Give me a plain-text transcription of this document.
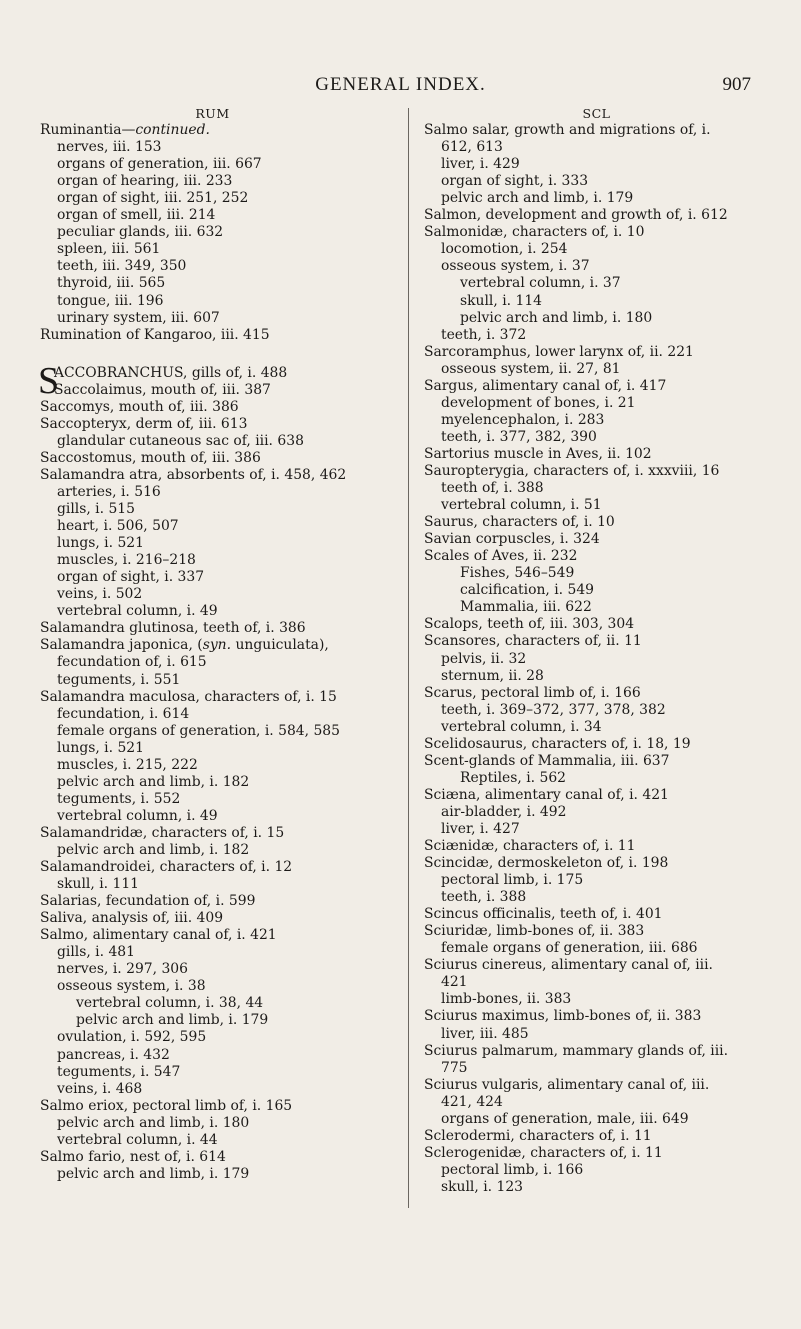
GENERAL INDEX.	907
RUM
Ruminantia—continued.
nerves, iii. 153
organs of generation, iii. 667
organ of hearing, iii. 233
organ of sight, iii. 251, 252
organ of smell, iii. 214
peculiar glands, iii. 632
spleen, iii. 561
teeth, iii. 349, 350
thyroid, iii. 565
tongue, iii. 196
urinary system, iii. 607
Rumination of Kangaroo, iii. 415
S
ACCOBRANCHUS, gills of, i. 488
Saccolaimus, mouth of, iii. 387
Saccomys, mouth of, iii. 386
Saccopteryx, derm of, iii. 613
glandular cutaneous sac of, iii. 638
Saccostomus, mouth of, iii. 386
Salamandra atra, absorbents of, i. 458, 462
arteries, i. 516
gills, i. 515
heart, i. 506, 507
lungs, i. 521
muscles, i. 216–218
organ of sight, i. 337
veins, i. 502
vertebral column, i. 49
Salamandra glutinosa, teeth of, i. 386
Salamandra japonica, (syn. unguiculata),
fecundation of, i. 615
teguments, i. 551
Salamandra maculosa, characters of, i. 15
fecundation, i. 614
female organs of generation, i. 584, 585
lungs, i. 521
muscles, i. 215, 222
pelvic arch and limb, i. 182
teguments, i. 552
vertebral column, i. 49
Salamandridæ, characters of, i. 15
pelvic arch and limb, i. 182
Salamandroidei, characters of, i. 12
skull, i. 111
Salarias, fecundation of, i. 599
Saliva, analysis of, iii. 409
Salmo, alimentary canal of, i. 421
gills, i. 481
nerves, i. 297, 306
osseous system, i. 38
vertebral column, i. 38, 44
pelvic arch and limb, i. 179
ovulation, i. 592, 595
pancreas, i. 432
teguments, i. 547
veins, i. 468
Salmo eriox, pectoral limb of, i. 165
pelvic arch and limb, i. 180
vertebral column, i. 44
Salmo fario, nest of, i. 614
pelvic arch and limb, i. 179
SCL
Salmo salar, growth and migrations of, i.
612, 613
liver, i. 429
organ of sight, i. 333
pelvic arch and limb, i. 179
Salmon, development and growth of, i. 612
Salmonidæ, characters of, i. 10
locomotion, i. 254
osseous system, i. 37
vertebral column, i. 37
skull, i. 114
pelvic arch and limb, i. 180
teeth, i. 372
Sarcoramphus, lower larynx of, ii. 221
osseous system, ii. 27, 81
Sargus, alimentary canal of, i. 417
development of bones, i. 21
myelencephalon, i. 283
teeth, i. 377, 382, 390
Sartorius muscle in Aves, ii. 102
Sauropterygia, characters of, i. xxxviii, 16
teeth of, i. 388
vertebral column, i. 51
Saurus, characters of, i. 10
Savian corpuscles, i. 324
Scales of Aves, ii. 232
Fishes, 546–549
calcification, i. 549
Mammalia, iii. 622
Scalops, teeth of, iii. 303, 304
Scansores, characters of, ii. 11
pelvis, ii. 32
sternum, ii. 28
Scarus, pectoral limb of, i. 166
teeth, i. 369–372, 377, 378, 382
vertebral column, i. 34
Scelidosaurus, characters of, i. 18, 19
Scent-glands of Mammalia, iii. 637
Reptiles, i. 562
Sciæna, alimentary canal of, i. 421
air-bladder, i. 492
liver, i. 427
Sciænidæ, characters of, i. 11
Scincidæ, dermoskeleton of, i. 198
pectoral limb, i. 175
teeth, i. 388
Scincus officinalis, teeth of, i. 401
Sciuridæ, limb-bones of, ii. 383
female organs of generation, iii. 686
Sciurus cinereus, alimentary canal of, iii.
421
limb-bones, ii. 383
Sciurus maximus, limb-bones of, ii. 383
liver, iii. 485
Sciurus palmarum, mammary glands of, iii.
775
Sciurus vulgaris, alimentary canal of, iii.
421, 424
organs of generation, male, iii. 649
Sclerodermi, characters of, i. 11
Sclerogenidæ, characters of, i. 11
pectoral limb, i. 166
skull, i. 123
